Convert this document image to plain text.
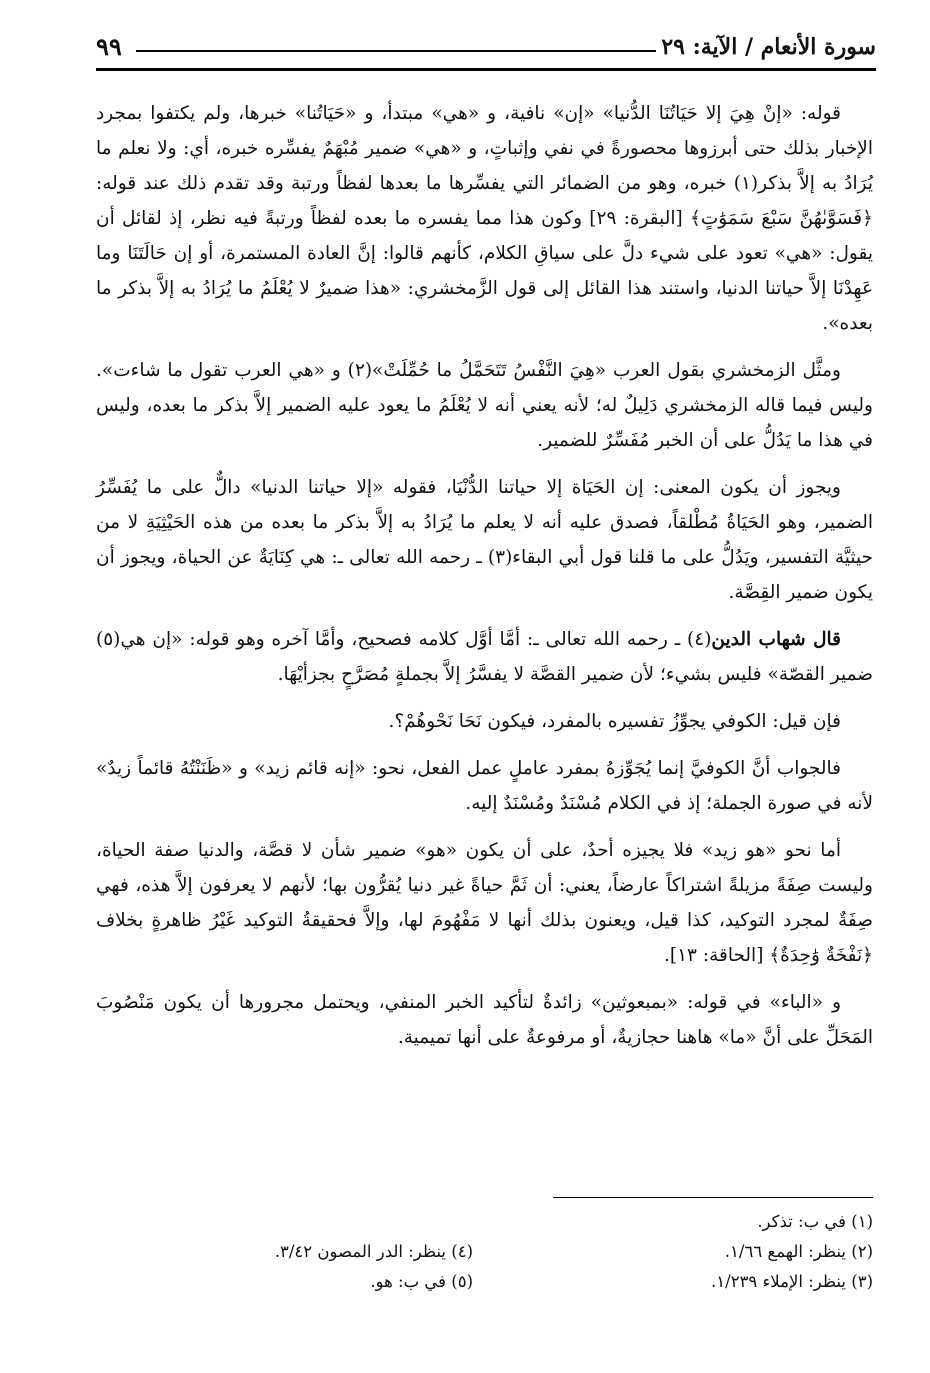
سورة الأنعام / الآية: ٢٩
٩٩

قوله: «إنْ هِيَ إلا حَيَاتُنَا الدُّنيا» «إن» نافية، و «هي» مبتدأ، و «حَيَاتُنا» خبرها، ولم يكتفوا بمجرد الإخبار بذلك حتى أبرزوها محصورةً في نفي وإثباتٍ، و «هي» ضمير مُبْهَمٌ يفسِّره خبره، أي: ولا نعلم ما يُرَادُ به إلاَّ بذكر(١) خبره، وهو من الضمائر التي يفسِّرها ما بعدها لفظاً ورتبة وقد تقدم ذلك عند قوله: ﴿فَسَوَّىٰهُنَّ سَبْعَ سَمَوَٰتٍ﴾ [البقرة: ٢٩] وكون هذا مما يفسره ما بعده لفظاً ورتبةً فيه نظر، إذ لقائل أن يقول: «هي» تعود على شيء دلَّ على سياقِ الكلام، كأنهم قالوا: إنَّ العادة المستمرة، أو إن حَالَتَنَا وما عَهِدْنَا إلاَّ حياتنا الدنيا، واستند هذا القائل إلى قول الزَّمخشري: «هذا ضميرٌ لا يُعْلَمُ ما يُرَادُ به إلاَّ بذكر ما بعده».

ومثَّل الزمخشري بقول العرب «هِيَ النَّفْسُ تَتَحَمَّلُ ما حُمِّلَتْ»(٢) و «هي العرب تقول ما شاءت». وليس فيما قاله الزمخشري دَلِيلٌ له؛ لأنه يعني أنه لا يُعْلَمُ ما يعود عليه الضمير إلاَّ بذكر ما بعده، وليس في هذا ما يَدُلُّ على أن الخبر مُفَسِّرٌ للضمير.

ويجوز أن يكون المعنى: إن الحَيَاة إلا حياتنا الدُّنْيَا، فقوله «إلا حياتنا الدنيا» دالٌّ على ما يُفَسِّرُ الضمير، وهو الحَيَاةُ مُطْلقاً، فصدق عليه أنه لا يعلم ما يُرَادُ به إلاَّ بذكر ما بعده من هذه الحَيْثِيَةِ لا من حيثيَّة التفسير، ويَدُلُّ على ما قلنا قول أبي البقاء(٣) ـ رحمه الله تعالى ـ: هي كِنَايَةٌ عن الحياة، ويجوز أن يكون ضمير القِصَّة.

قال شهاب الدين(٤) ـ رحمه الله تعالى ـ: أمَّا أوَّل كلامه فصحيح، وأمَّا آخره وهو قوله: «إن هي(٥) ضمير القصّة» فليس بشيء؛ لأن ضمير القصَّة لا يفسَّرُ إلاَّ بجملةٍ مُصَرَّحٍ بجزأيْهَا.

فإن قيل: الكوفي يجوِّزُ تفسيره بالمفرد، فيكون نَحَا نَحْوهُمْ؟.

فالجواب أنَّ الكوفيَّ إنما يُجَوِّزهُ بمفرد عاملٍ عمل الفعل، نحو: «إنه قائم زيد» و «ظَنَنْتُهُ قائماً زيدٌ» لأنه في صورة الجملة؛ إذ في الكلام مُسْنَدٌ ومُسْنَدٌ إليه.

أما نحو «هو زيد» فلا يجيزه أحدٌ، على أن يكون «هو» ضمير شأن لا قصَّة، والدنيا صفة الحياة، وليست صِفَةً مزيلةً اشتراكاً عارضاً، يعني: أن ثَمَّ حياةً غير دنيا يُقرُّون بها؛ لأنهم لا يعرفون إلاَّ هذه، فهي صِفَةٌ لمجرد التوكيد، كذا قيل، ويعنون بذلك أنها لا مَفْهُومَ لها، وإلاَّ فحقيقةُ التوكيد غَيْرُ ظاهرةٍ بخلاف ﴿نَفْخَةٌ وَٰحِدَةٌ﴾ [الحاقة: ١٣].

و «الباء» في قوله: «بمبعوثين» زائدةٌ لتأكيد الخبر المنفي، ويحتمل مجرورها أن يكون مَنْصُوبَ المَحَلِّ على أنَّ «ما» هاهنا حجازيةٌ، أو مرفوعةٌ على أنها تميمية.

(١) في ب: تذكر.
(٢) ينظر: الهمع ١/٦٦.
(٣) ينظر: الإملاء ١/٢٣٩.
(٤) ينظر: الدر المصون ٣/٤٢.
(٥) في ب: هو.
